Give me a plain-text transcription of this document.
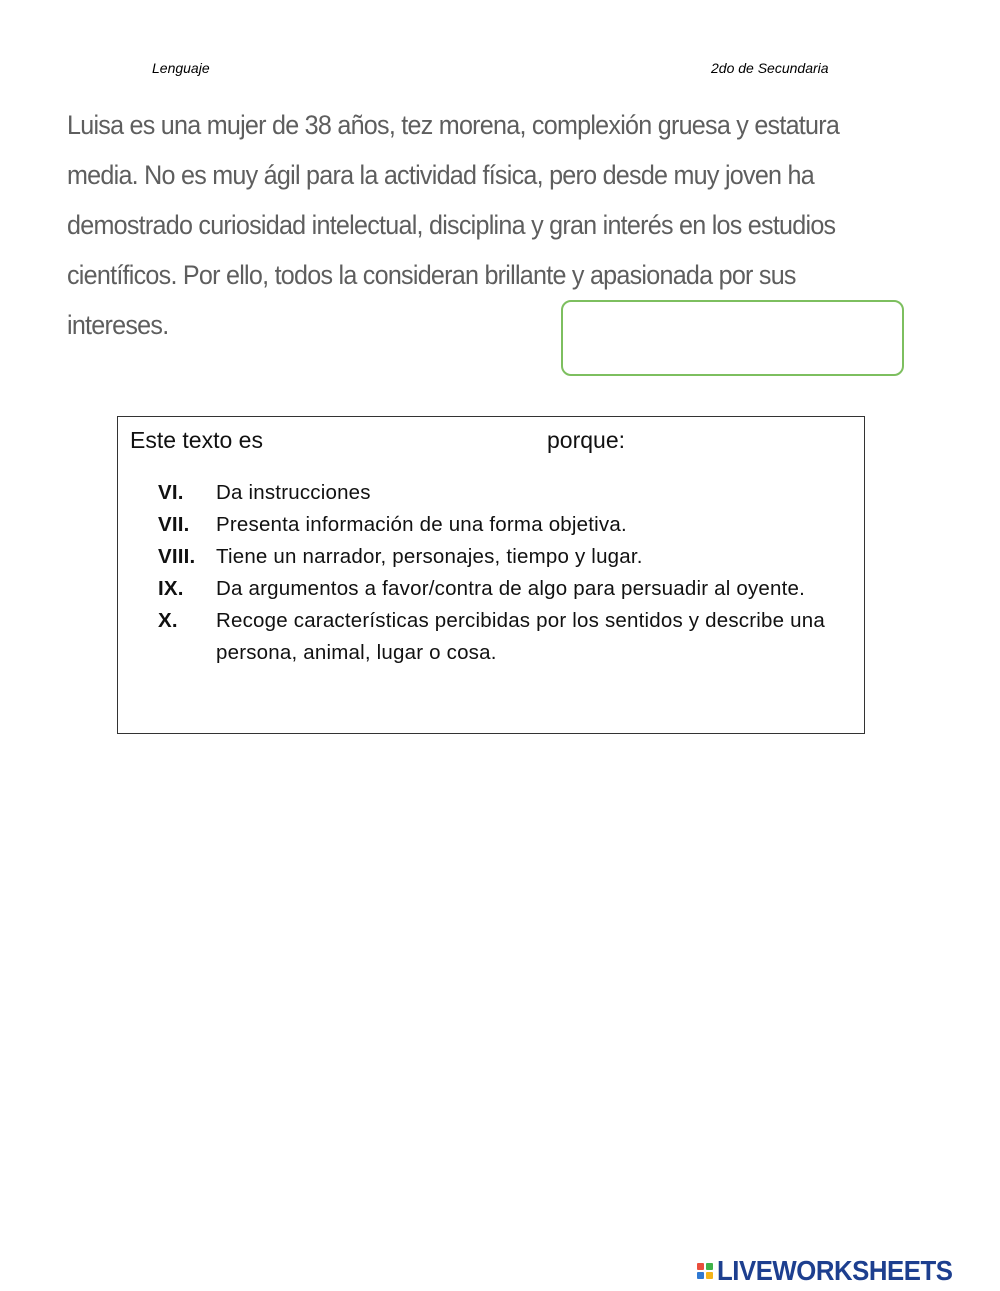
Lenguaje	2do de Secundaria

Luisa es una mujer de 38 años, tez morena, complexión gruesa y estatura media. No es muy ágil para la actividad física, pero desde muy joven ha demostrado curiosidad intelectual, disciplina y gran interés en los estudios científicos. Por ello, todos la consideran brillante y apasionada por sus intereses.

Este texto es	porque:
VI.	Da instrucciones
VII.	Presenta información de una forma objetiva.
VIII.	Tiene un narrador, personajes, tiempo y lugar.
IX.	Da argumentos a favor/contra de algo para persuadir al oyente.
X.	Recoge características percibidas por los sentidos y describe una persona, animal, lugar o cosa.
LIVEWORKSHEETS
